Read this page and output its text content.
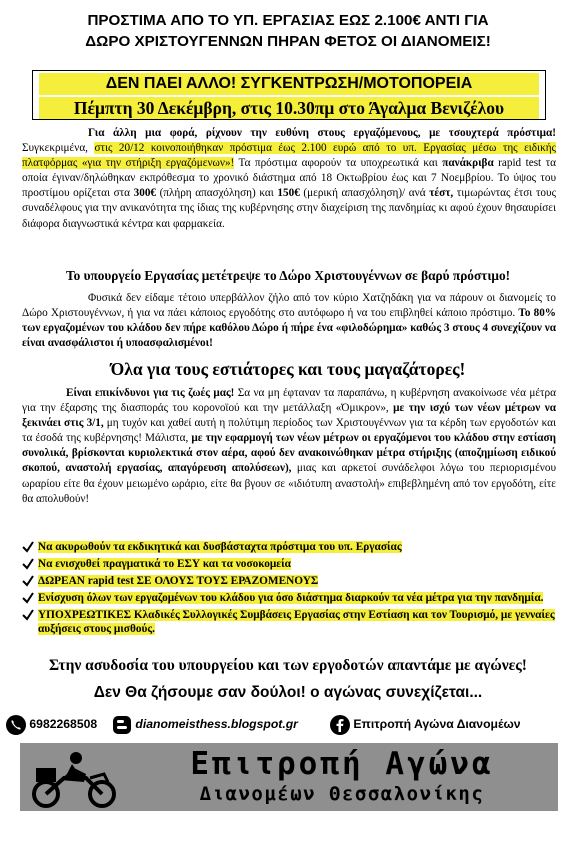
ΠΡΟΣΤΙΜΑ ΑΠΟ ΤΟ ΥΠ. ΕΡΓΑΣΙΑΣ ΕΩΣ 2.100€ ΑΝΤΙ ΓΙΑ
ΔΩΡΟ ΧΡΙΣΤΟΥΓΕΝΝΩΝ ΠΗΡΑΝ ΦΕΤΟΣ ΟΙ ΔΙΑΝΟΜΕΙΣ!
ΔΕΝ ΠΑΕΙ ΑΛΛΟ! ΣΥΓΚΕΝΤΡΩΣΗ/ΜΟΤΟΠΟΡΕΙΑ
Πέμπτη 30 Δεκέμβρη, στις 10.30πμ στο Άγαλμα Βενιζέλου
Για άλλη μια φορά, ρίχνουν την ευθύνη στους εργαζόμενους, με τσουχτερά πρόστιμα! Συγκεκριμένα, στις 20/12 κοινοποιήθηκαν πρόστιμα έως 2.100 ευρώ από το υπ. Εργασίας μέσω της ειδικής πλατφόρμας «για την στήριξη εργαζόμενων»! Τα πρόστιμα αφορούν τα υποχρεωτικά και πανάκριβα rapid test τα οποία έγιναν/δηλώθηκαν εκπρόθεσμα το χρονικό διάστημα από 18 Οκτωβρίου έως και 7 Νοεμβρίου. Το ύψος του προστίμου ορίζεται στα 300€ (πλήρη απασχόληση) και 150€ (μερική απασχόληση)/ ανά τέστ, τιμωρώντας έτσι τους συναδέλφους για την ανικανότητα της ίδιας της κυβέρνησης στην διαχείριση της πανδημίας κι αφού έχουν θησαυρίσει διάφορα διαγνωστικά κέντρα και φαρμακεία.
Το υπουργείο Εργασίας μετέτρεψε το Δώρο Χριστουγέννων σε βαρύ πρόστιμο!
Φυσικά δεν είδαμε τέτοιο υπερβάλλον ζήλο από τον κύριο Χατζηδάκη για να πάρουν οι διανομείς το Δώρο Χριστουγέννων, ή για να πάει κάποιος εργοδότης στο αυτόφωρο ή να του επιβληθεί κάποιο πρόστιμο. Το 80% των εργαζομένων του κλάδου δεν πήρε καθόλου Δώρο ή πήρε ένα «φιλοδώρημα» καθώς 3 στους 4 συνεχίζουν να είναι ανασφάλιστοι ή υποασφαλισμένοι!
Όλα για τους εστιάτορες και τους μαγαζάτορες!
Είναι επικίνδυνοι για τις ζωές μας! Σα να μη έφταναν τα παραπάνω, η κυβέρνηση ανακοίνωσε νέα μέτρα για την έξαρσης της διασποράς του κορονοϊού και την μετάλλαξη «Όμικρον», με την ισχύ των νέων μέτρων να ξεκινάει στις 3/1, μη τυχόν και χαθεί αυτή η πολύτιμη περίοδος των Χριστουγέννων για τα κέρδη των εργοδοτών και τα έσοδά της κυβέρνησης! Μάλιστα, με την εφαρμογή των νέων μέτρων οι εργαζόμενοι του κλάδου στην εστίαση συνολικά, βρίσκονται κυριολεκτικά στον αέρα, αφού δεν ανακοινώθηκαν μέτρα στήριξης (αποζημίωση ειδικού σκοπού, αναστολή εργασίας, απαγόρευση απολύσεων), μιας και αρκετοί συνάδελφοι λόγω του περιορισμένου ωραρίου είτε θα έχουν μειωμένο ωράριο, είτε θα βγουν σε «ιδιότυπη αναστολή» επιβεβλημένη από τον εργοδότη, είτε θα απολυθούν!
Να ακυρωθούν τα εκδικητικά και δυσβάσταχτα πρόστιμα του υπ. Εργασίας
Να ενισχυθεί πραγματικά το ΕΣΥ και τα νοσοκομεία
ΔΩΡΕΑΝ rapid test ΣΕ ΟΛΟΥΣ ΤΟΥΣ ΕΡΑΖΟΜΕΝΟΥΣ
Ενίσχυση όλων των εργαζομένων του κλάδου για όσο διάστημα διαρκούν τα νέα μέτρα για την πανδημία.
ΥΠΟΧΡΕΩΤΙΚΕΣ Κλαδικές Συλλογικές Συμβάσεις Εργασίας στην Εστίαση και τον Τουρισμό, με γενναίες αυξήσεις στους μισθούς.
Στην ασυδοσία του υπουργείου και των εργοδοτών απαντάμε με αγώνες!
Δεν Θα ζήσουμε σαν δούλοι! ο αγώνας συνεχίζεται...
6982268508	dianomeisthess.blogspot.gr	Επιτροπή Αγώνα Διανομέων
Επιτροπή Αγώνα
Διανομέων Θεσσαλονίκης
